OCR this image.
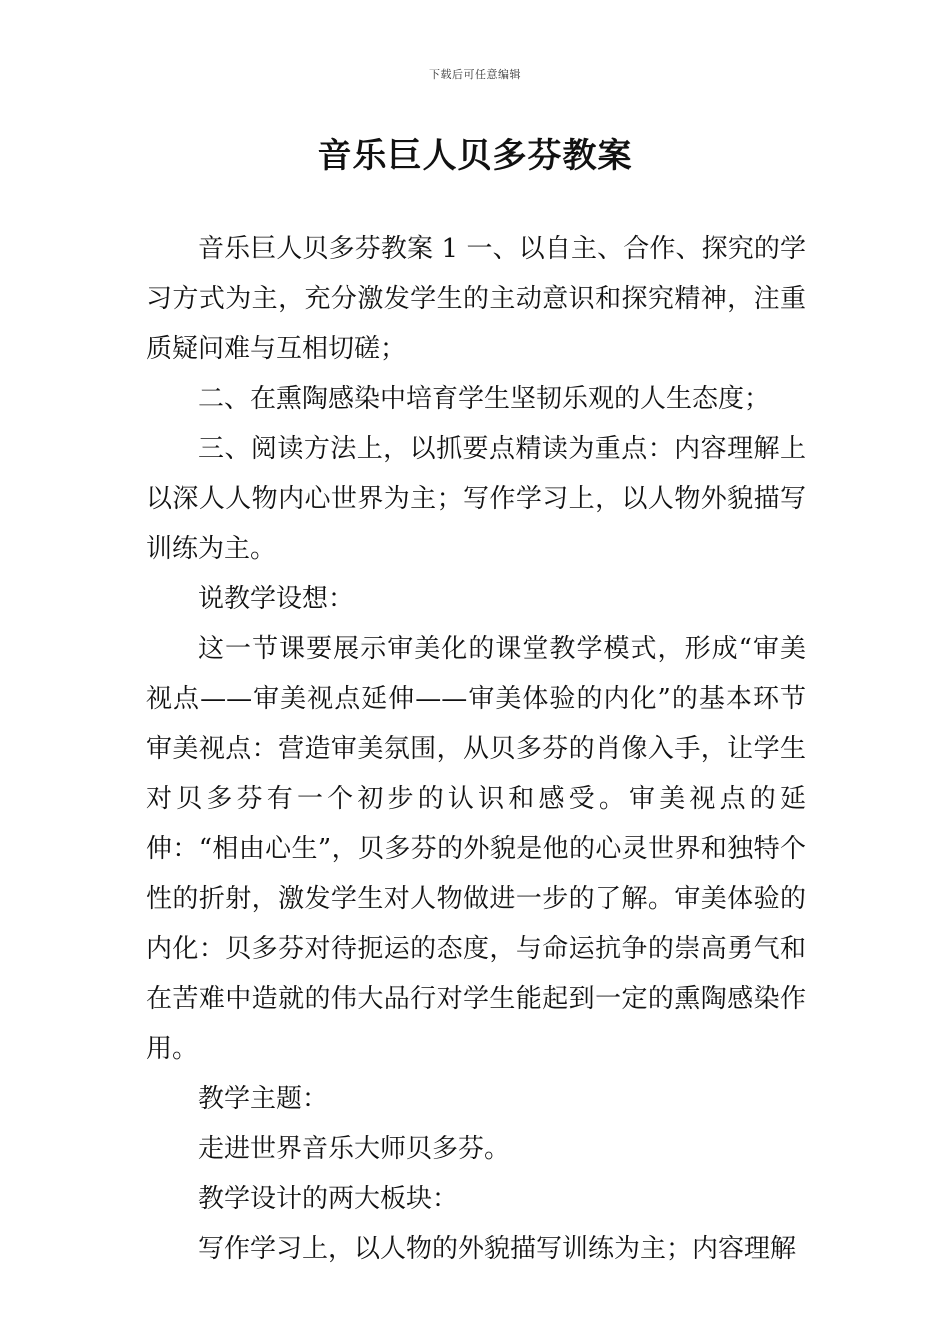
下载后可任意编辑
音乐巨人贝多芬教案

音乐巨人贝多芬教案 1 一、以自主、合作、探究的学习方式为主，充分激发学生的主动意识和探究精神，注重质疑问难与互相切磋；

二、在熏陶感染中培育学生坚韧乐观的人生态度；

三、阅读方法上，以抓要点精读为重点：内容理解上以深人人物内心世界为主；写作学习上，以人物外貌描写训练为主。

说教学设想：

这一节课要展示审美化的课堂教学模式，形成“审美视点——审美视点延伸——审美体验的内化”的基本环节审美视点：营造审美氛围，从贝多芬的肖像入手，让学生对贝多芬有一个初步的认识和感受。审美视点的延伸：“相由心生”，贝多芬的外貌是他的心灵世界和独特个性的折射，激发学生对人物做进一步的了解。审美体验的内化：贝多芬对待扼运的态度，与命运抗争的崇高勇气和在苦难中造就的伟大品行对学生能起到一定的熏陶感染作用。

教学主题：

走进世界音乐大师贝多芬。

教学设计的两大板块：

写作学习上，以人物的外貌描写训练为主；内容理解
